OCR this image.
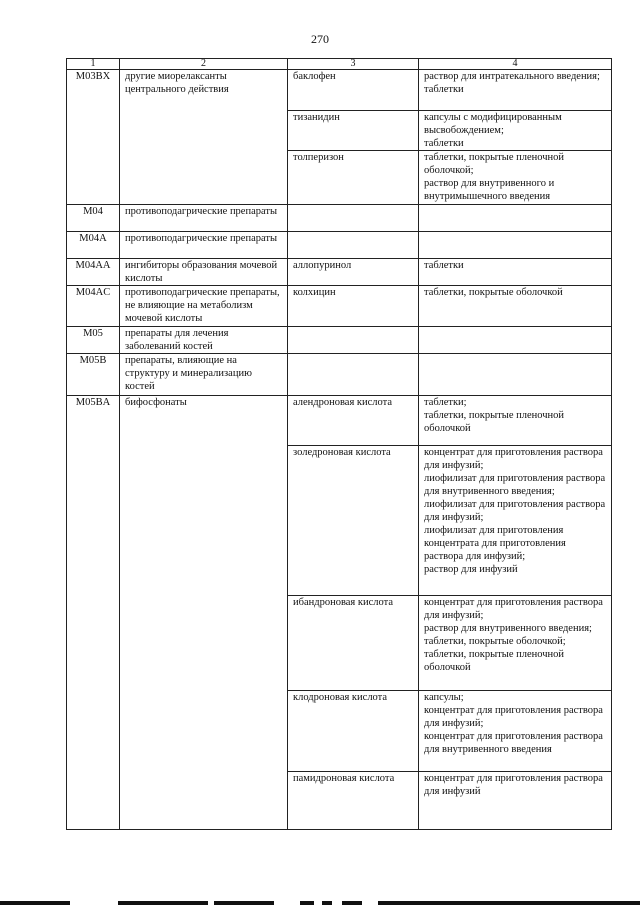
270
1	2	3	4
M03BX	другие миорелаксанты центрального действия	баклофен	раствор для интратекального введения;
таблетки
		тизанидин	капсулы с модифицированным высвобождением;
таблетки
		толперизон	таблетки, покрытые пленочной оболочкой;
раствор для внутривенного и внутримышечного введения
M04	противоподагрические препараты		
M04A	противоподагрические препараты		
M04AA	ингибиторы образования мочевой кислоты	аллопуринол	таблетки
M04AC	противоподагрические препараты, не влияющие на метаболизм мочевой кислоты	колхицин	таблетки, покрытые оболочкой
M05	препараты для лечения заболеваний костей		
M05B	препараты, влияющие на структуру и минерализацию костей		
M05BA	бифосфонаты	алендроновая кислота	таблетки;
таблетки, покрытые пленочной оболочкой
		золедроновая кислота	концентрат для приготовления раствора для инфузий;
лиофилизат для приготовления раствора для внутривенного введения;
лиофилизат для приготовления раствора для инфузий;
лиофилизат для приготовления концентрата для приготовления раствора для инфузий;
раствор для инфузий
		ибандроновая кислота	концентрат для приготовления раствора для инфузий;
раствор для внутривенного введения;
таблетки, покрытые оболочкой;
таблетки, покрытые пленочной оболочкой
		клодроновая кислота	капсулы;
концентрат для приготовления раствора для инфузий;
концентрат для приготовления раствора для внутривенного введения
		памидроновая кислота	концентрат для приготовления раствора для инфузий
